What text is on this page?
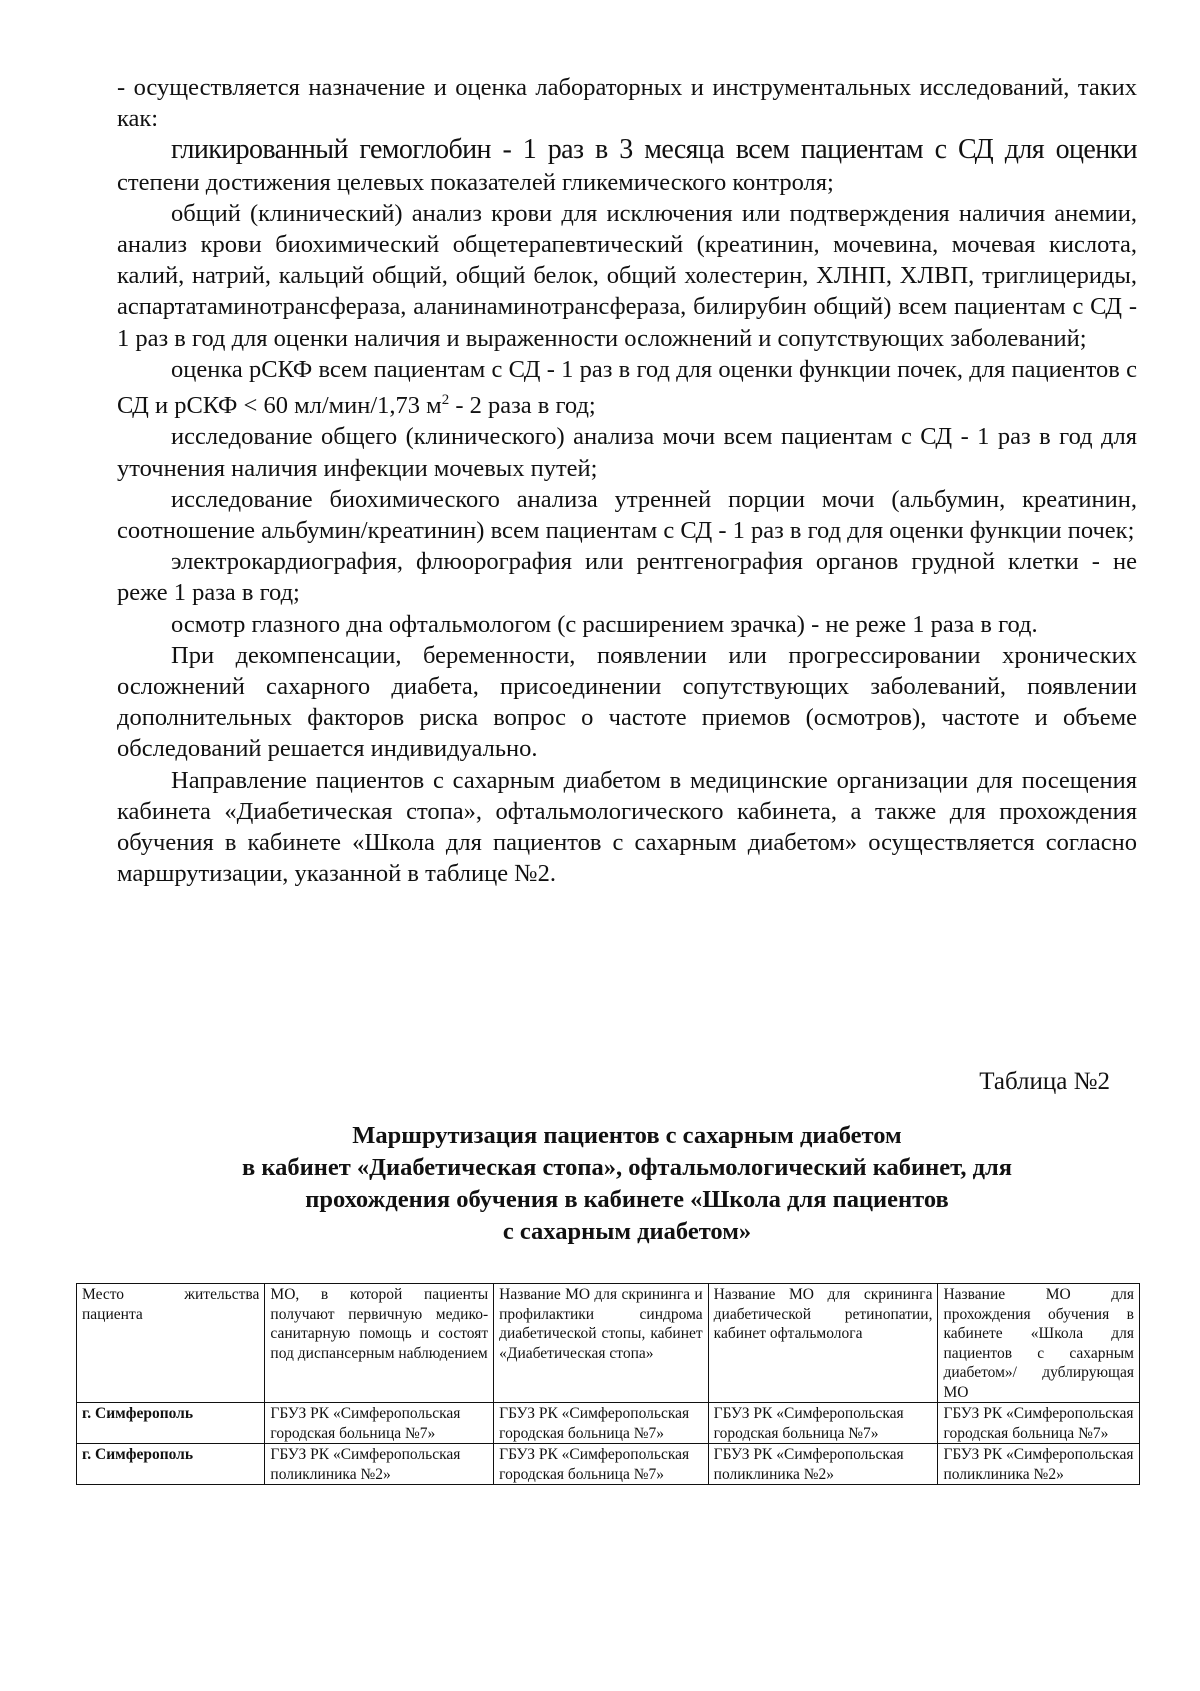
- осуществляется назначение и оценка лабораторных и инструментальных исследований, таких как:

гликированный гемоглобин - 1 раз в 3 месяца всем пациентам с СД для оценки степени достижения целевых показателей гликемического контроля;

общий (клинический) анализ крови для исключения или подтверждения наличия анемии, анализ крови биохимический общетерапевтический (креатинин, мочевина, мочевая кислота, калий, натрий, кальций общий, общий белок, общий холестерин, ХЛНП, ХЛВП, триглицериды, аспартатаминотрансфераза, аланинаминотрансфераза, билирубин общий) всем пациентам с СД - 1 раз в год для оценки наличия и выраженности осложнений и сопутствующих заболеваний;

оценка рСКФ всем пациентам с СД - 1 раз в год для оценки функции почек, для пациентов с СД и рСКФ < 60 мл/мин/1,73 $м^2 - 2$ раза в год;

исследование общего (клинического) анализа мочи всем пациентам с СД - 1 раз в год для уточнения наличия инфекции мочевых путей;

исследование биохимического анализа утренней порции мочи (альбумин, креатинин, соотношение альбумин/креатинин) всем пациентам с СД - 1 раз в год для оценки функции почек;

электрокардиография, флюорография или рентгенография органов грудной клетки - не реже 1 раза в год;

осмотр глазного дна офтальмологом (с расширением зрачка) - не реже 1 раза в год.

При декомпенсации, беременности, появлении или прогрессировании хронических осложнений сахарного диабета, присоединении сопутствующих заболеваний, появлении дополнительных факторов риска вопрос о частоте приемов (осмотров), частоте и объеме обследований решается индивидуально.

Направление пациентов с сахарным диабетом в медицинские организации для посещения кабинета «Диабетическая стопа», офтальмологического кабинета, а также для прохождения обучения в кабинете «Школа для пациентов с сахарным диабетом» осуществляется согласно маршрутизации, указанной в таблице №2.

Таблица №2
Маршрутизация пациентов с сахарным диабетом
в кабинет «Диабетическая стопа», офтальмологический кабинет, для
прохождения обучения в кабинете «Школа для пациентов
с сахарным диабетом»
Место жительства пациента	МО, в которой пациенты получают первичную медико-санитарную помощь и состоят под диспансерным наблюдением	Название МО для скрининга и профилактики синдрома диабетической стопы, кабинет «Диабетическая стопа»	Название МО для скрининга диабетической ретинопатии, кабинет офтальмолога	Название МО для прохождения обучения в кабинете «Школа для пациентов с сахарным диабетом»/ дублирующая МО
г. Симферополь	ГБУЗ РК «Симферопольская городская больница №7»	ГБУЗ РК «Симферопольская городская больница №7»	ГБУЗ РК «Симферопольская городская больница №7»	ГБУЗ РК «Симферопольская городская больница №7»
г. Симферополь	ГБУЗ РК «Симферопольская поликлиника №2»	ГБУЗ РК «Симферопольская городская больница №7»	ГБУЗ РК «Симферопольская поликлиника №2»	ГБУЗ РК «Симферопольская поликлиника №2»
